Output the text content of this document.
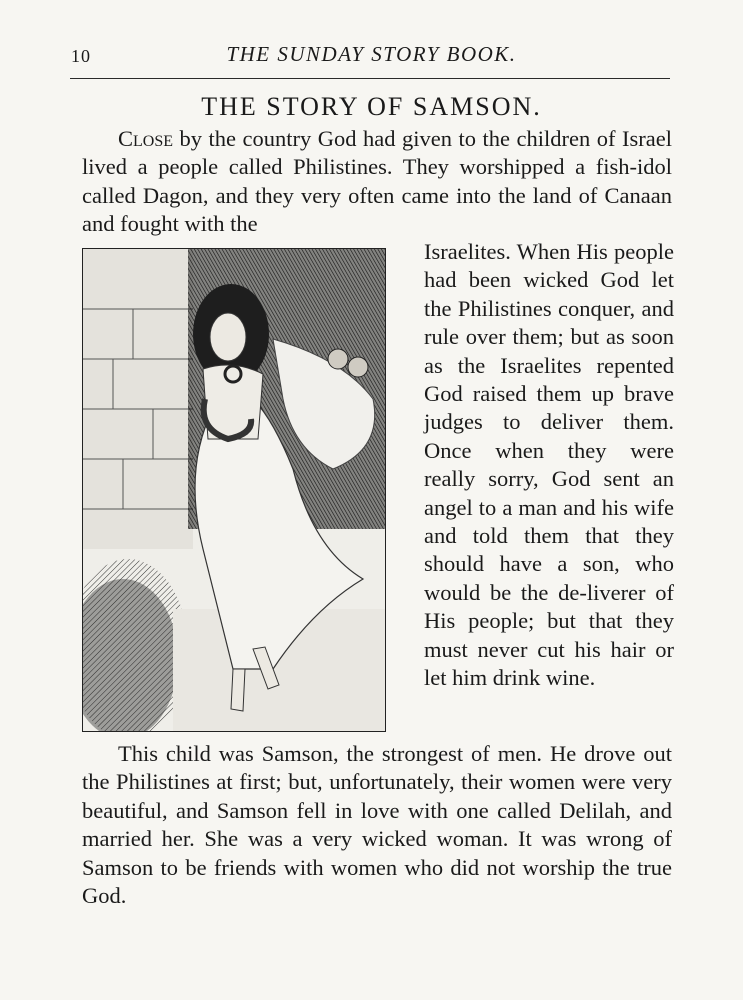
10	THE SUNDAY STORY BOOK.
THE STORY OF SAMSON.
Close by the country God had given to the children of Israel lived a people called Philistines. They worshipped a fish-idol called Dagon, and they very often came into the land of Canaan and fought with the
Israelites. When His people had been wicked God let the Philistines conquer, and rule over them; but as soon as the Israelites repented God raised them up brave judges to deliver them. Once when they were really sorry, God sent an angel to a man and his wife and told them that they should have a son, who would be the de-liverer of His people; but that they must never cut his hair or let him drink wine.
This child was Samson, the strongest of men. He drove out the Philistines at first; but, unfortunately, their women were very beautiful, and Samson fell in love with one called Delilah, and married her. She was a very wicked woman. It was wrong of Samson to be friends with women who did not worship the true God.
